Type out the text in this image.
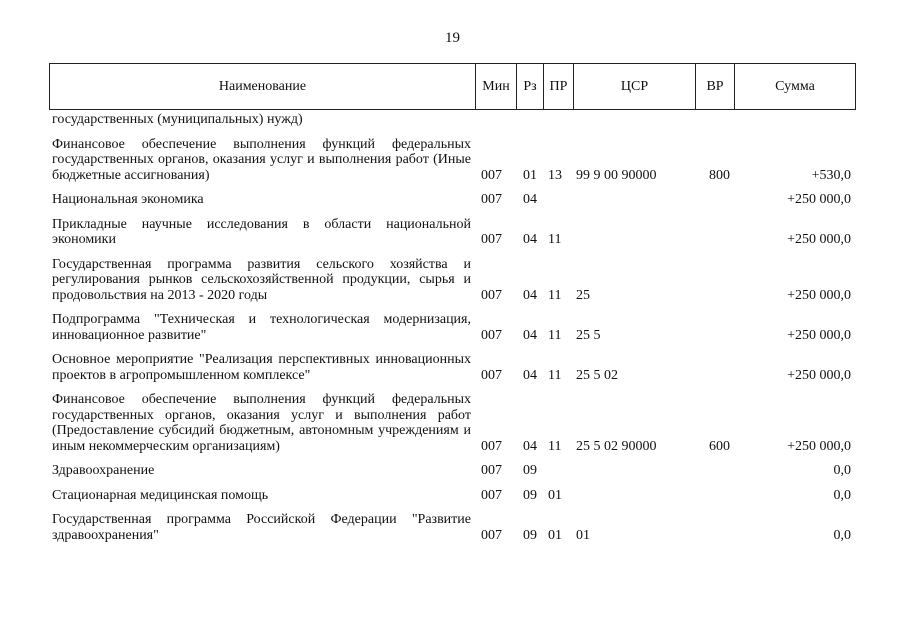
19
Наименование	Мин	Рз	ПР	ЦСР	ВР	Сумма
государственных (муниципальных) нужд)						

Финансовое обеспечение выполнения функций федеральных государственных органов, оказания услуг и выполнения работ (Иные бюджетные ассигнования)	007	01	13	99 9 00 90000	800	+530,0

Национальная экономика	007	04				+250 000,0

Прикладные научные исследования в области национальной экономики	007	04	11			+250 000,0

Государственная программа развития сельского хозяйства и регулирования рынков сельскохозяйственной продукции, сырья и продовольствия на 2013 - 2020 годы	007	04	11	25		+250 000,0

Подпрограмма "Техническая и технологическая модернизация, инновационное развитие"	007	04	11	25 5		+250 000,0

Основное мероприятие "Реализация перспективных инновационных проектов в агропромышленном комплексе"	007	04	11	25 5 02		+250 000,0

Финансовое обеспечение выполнения функций федеральных государственных органов, оказания услуг и выполнения работ (Предоставление субсидий бюджетным, автономным учреждениям и иным некоммерческим организациям)	007	04	11	25 5 02 90000	600	+250 000,0

Здравоохранение	007	09				0,0

Стационарная медицинская помощь	007	09	01			0,0

Государственная программа Российской Федерации "Развитие здравоохранения"	007	09	01	01		0,0
